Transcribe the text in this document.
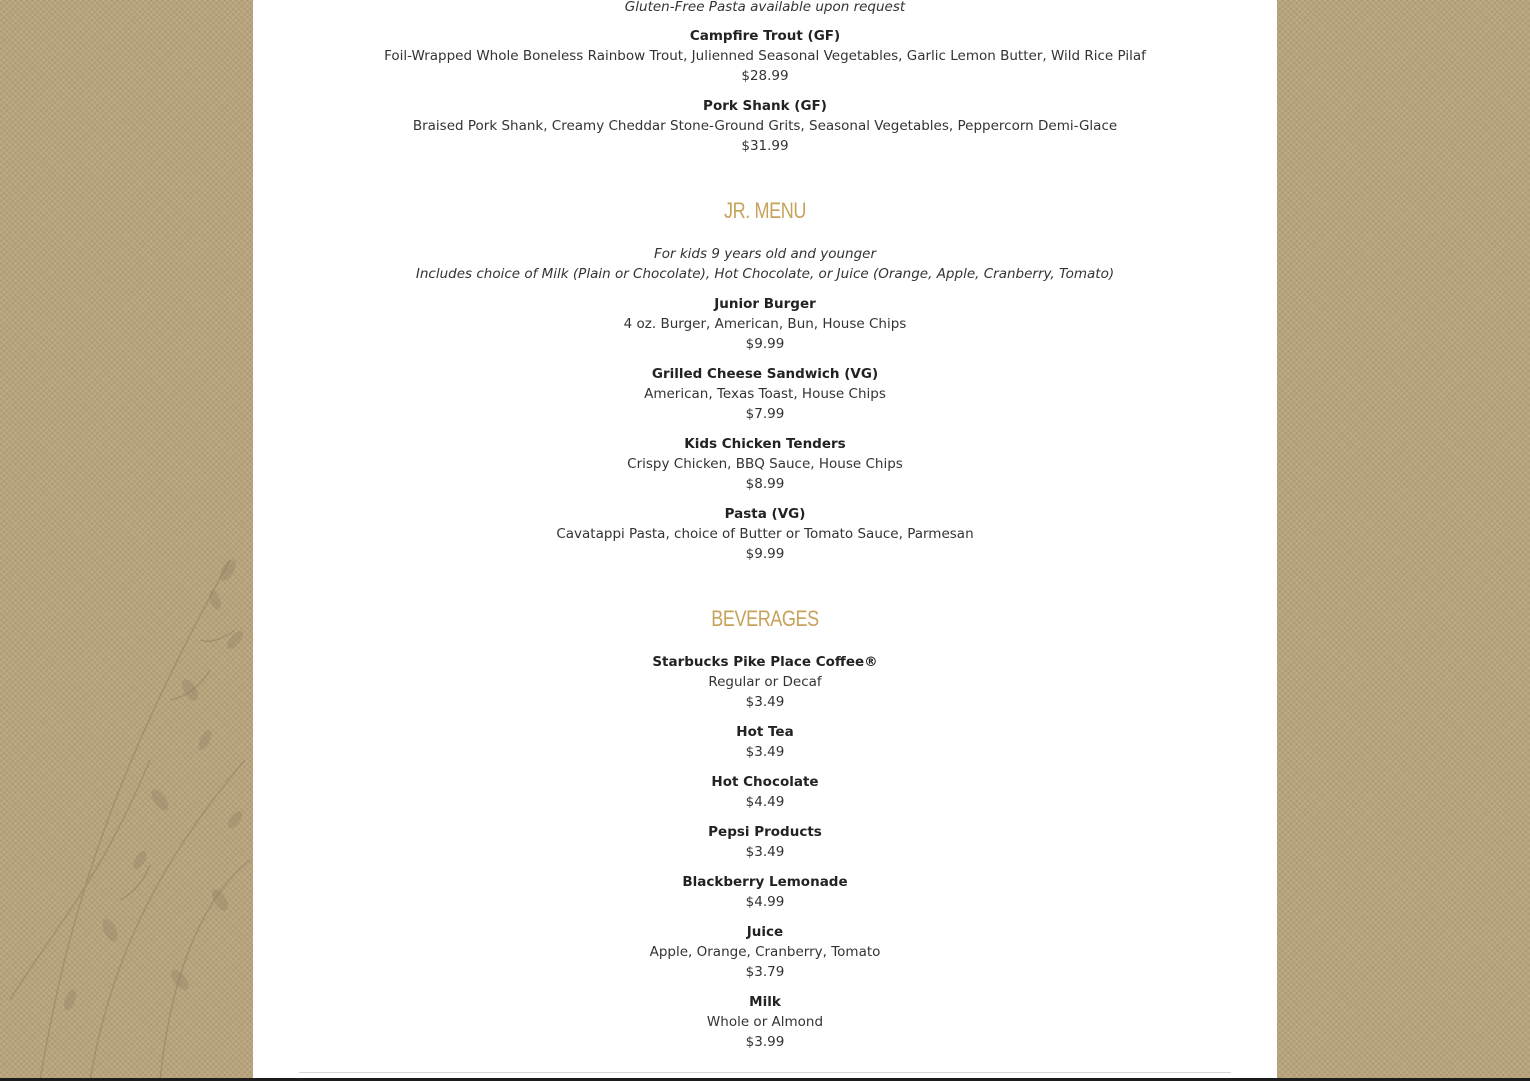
Gluten-Free Pasta available upon request
Campfire Trout (GF)
Foil-Wrapped Whole Boneless Rainbow Trout, Julienned Seasonal Vegetables, Garlic Lemon Butter, Wild Rice Pilaf
$28.99
Pork Shank (GF)
Braised Pork Shank, Creamy Cheddar Stone-Ground Grits, Seasonal Vegetables, Peppercorn Demi-Glace
$31.99
JR. MENU
For kids 9 years old and younger
Includes choice of Milk (Plain or Chocolate), Hot Chocolate, or Juice (Orange, Apple, Cranberry, Tomato)
Junior Burger
4 oz. Burger, American, Bun, House Chips
$9.99
Grilled Cheese Sandwich (VG)
American, Texas Toast, House Chips
$7.99
Kids Chicken Tenders
Crispy Chicken, BBQ Sauce, House Chips
$8.99
Pasta (VG)
Cavatappi Pasta, choice of Butter or Tomato Sauce, Parmesan
$9.99
BEVERAGES
Starbucks Pike Place Coffee®
Regular or Decaf
$3.49
Hot Tea
$3.49
Hot Chocolate
$4.49
Pepsi Products
$3.49
Blackberry Lemonade
$4.99
Juice
Apple, Orange, Cranberry, Tomato
$3.79
Milk
Whole or Almond
$3.99
